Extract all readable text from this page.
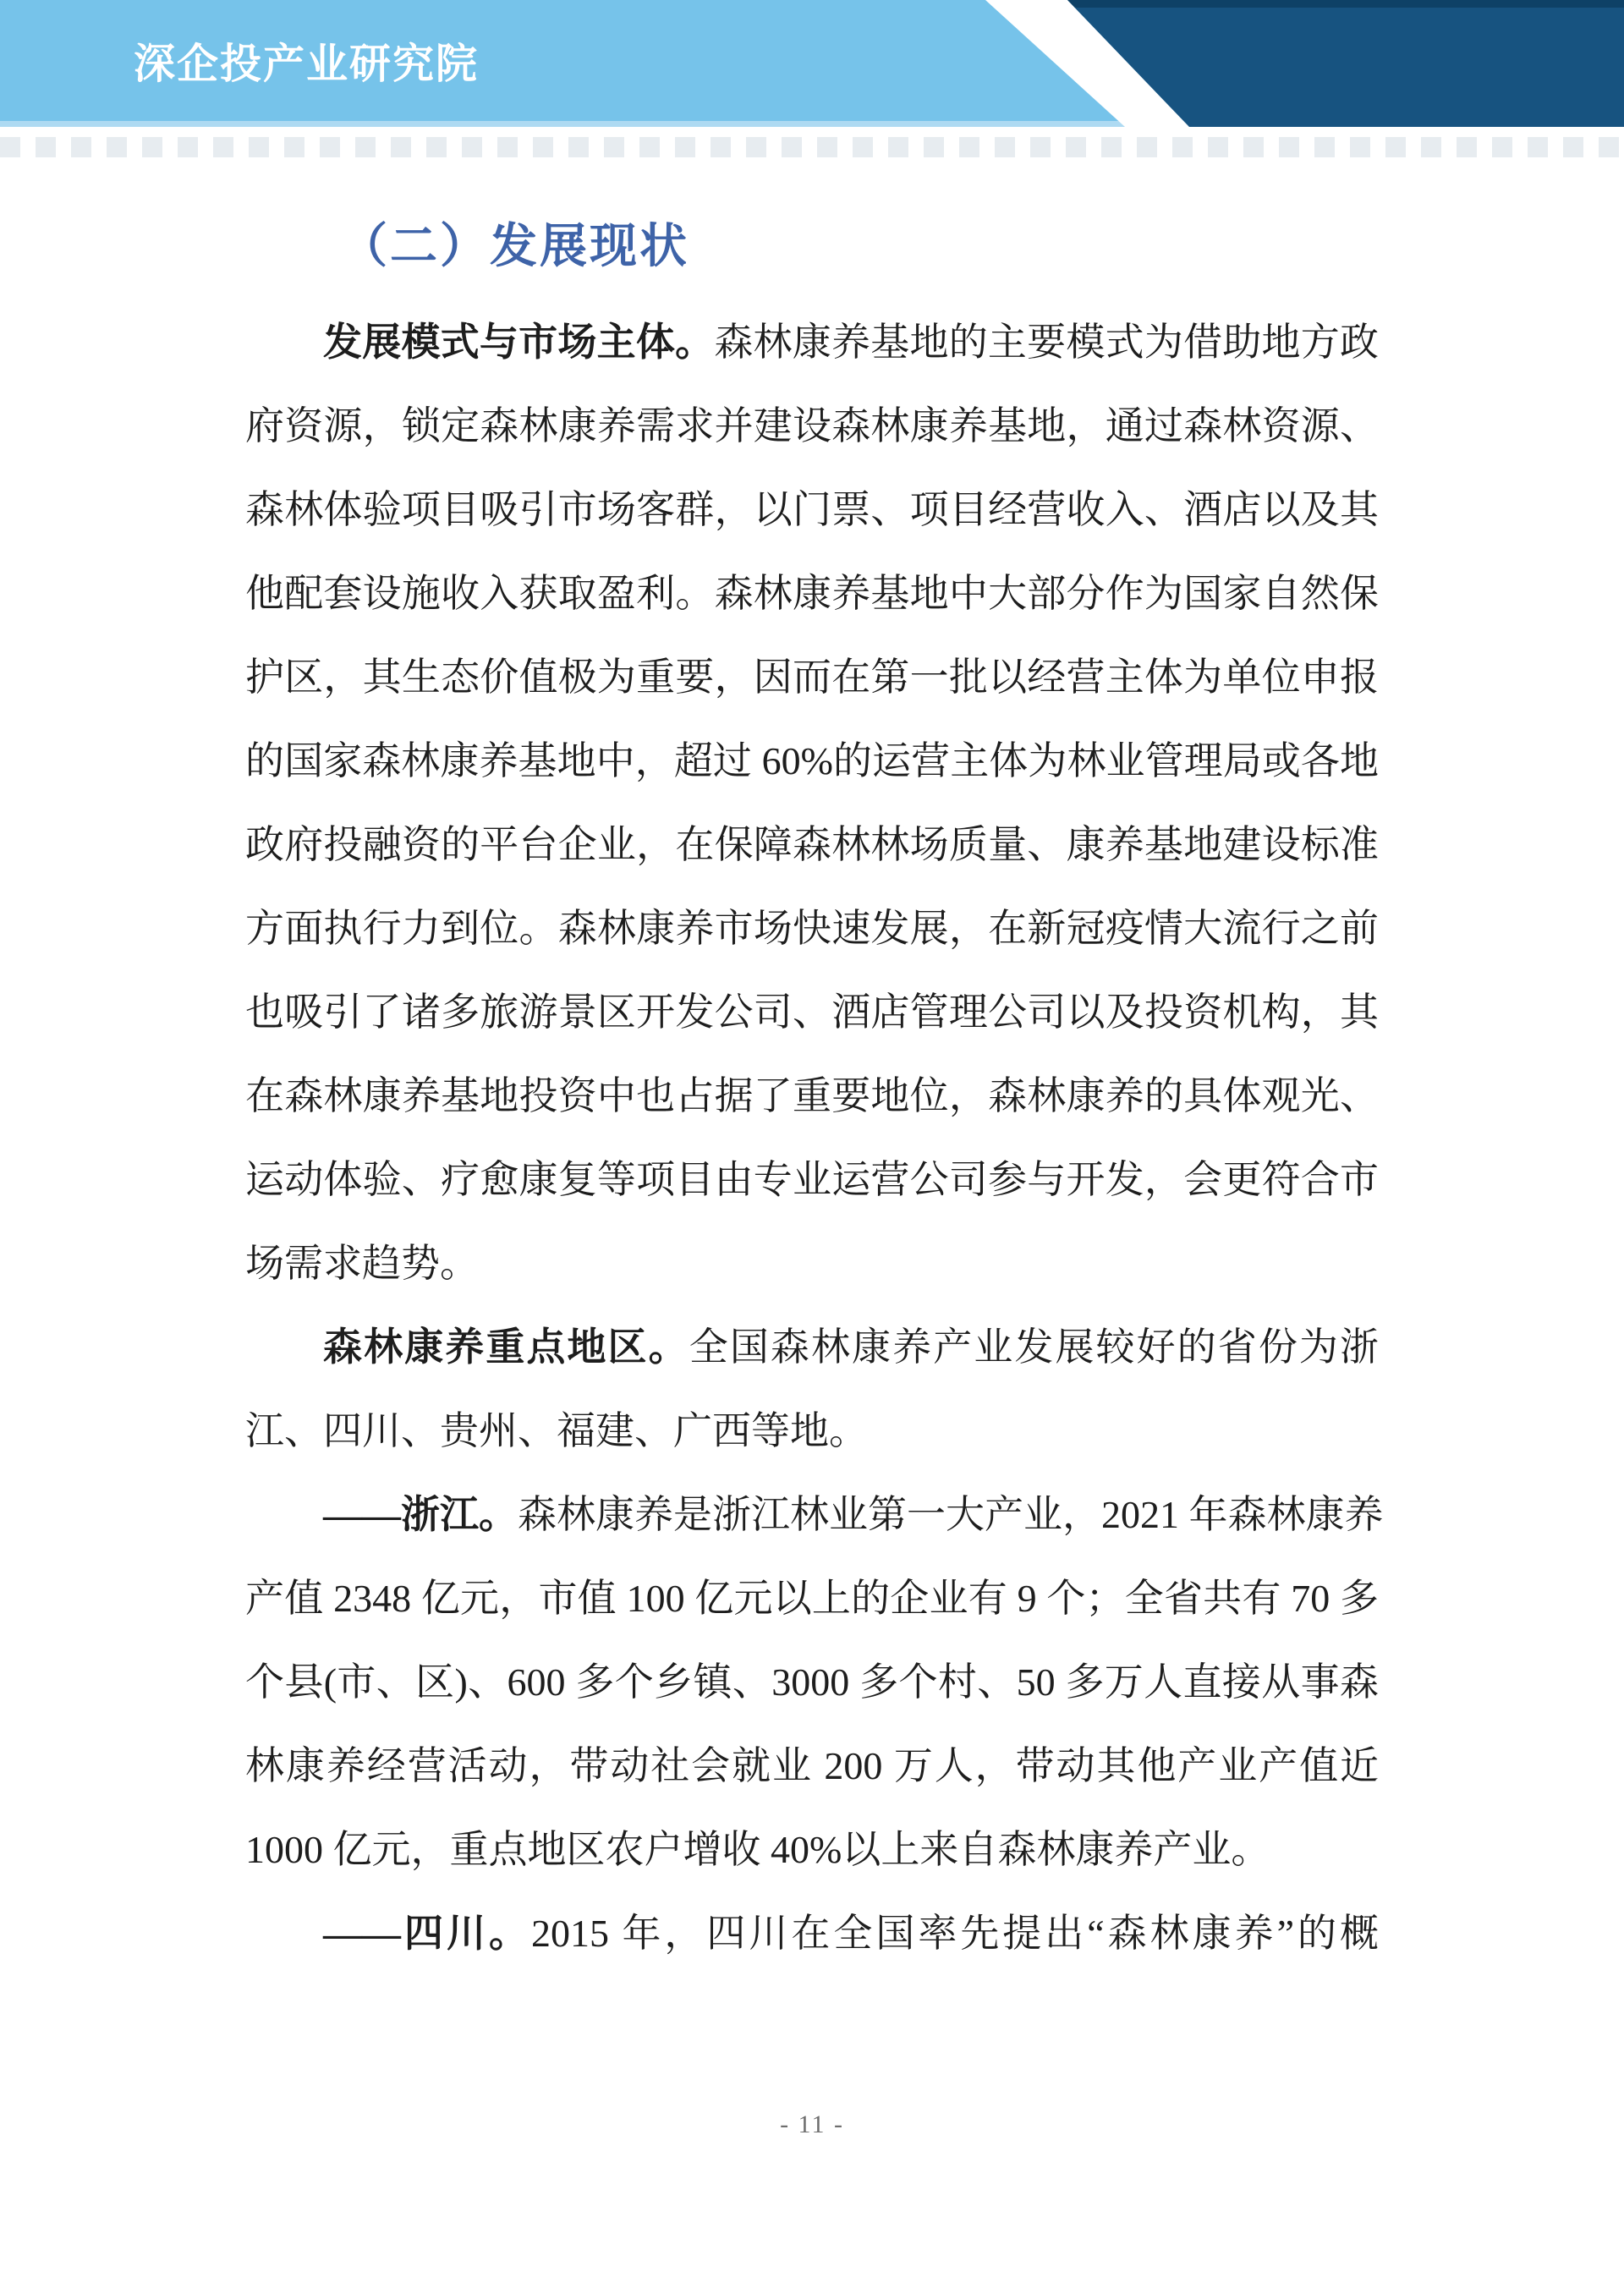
深企投产业研究院
（二）发展现状
发展模式与市场主体。森林康养基地的主要模式为借助地方政
府资源，锁定森林康养需求并建设森林康养基地，通过森林资源、
森林体验项目吸引市场客群，以门票、项目经营收入、酒店以及其
他配套设施收入获取盈利。森林康养基地中大部分作为国家自然保
护区，其生态价值极为重要，因而在第一批以经营主体为单位申报
的国家森林康养基地中，超过 60%的运营主体为林业管理局或各地
政府投融资的平台企业，在保障森林林场质量、康养基地建设标准
方面执行力到位。森林康养市场快速发展，在新冠疫情大流行之前
也吸引了诸多旅游景区开发公司、酒店管理公司以及投资机构，其
在森林康养基地投资中也占据了重要地位，森林康养的具体观光、
运动体验、疗愈康复等项目由专业运营公司参与开发，会更符合市
场需求趋势。
森林康养重点地区。全国森林康养产业发展较好的省份为浙
江、四川、贵州、福建、广西等地。
——浙江。森林康养是浙江林业第一大产业，2021 年森林康养
产值 2348 亿元，市值 100 亿元以上的企业有 9 个；全省共有 70 多
个县(市、区)、600 多个乡镇、3000 多个村、50 多万人直接从事森
林康养经营活动，带动社会就业 200 万人，带动其他产业产值近
1000 亿元，重点地区农户增收 40%以上来自森林康养产业。
——四川。2015 年，四川在全国率先提出“森林康养”的概
- 11 -
